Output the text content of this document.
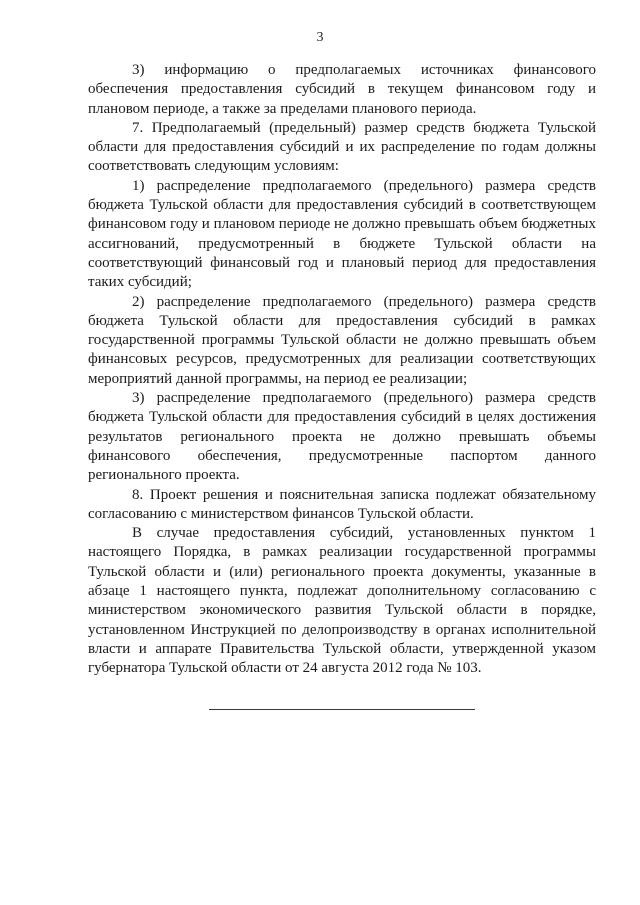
3

3) информацию о предполагаемых источниках финансового обеспечения предоставления субсидий в текущем финансовом году и плановом периоде, а также за пределами планового периода.

7. Предполагаемый (предельный) размер средств бюджета Тульской области для предоставления субсидий и их распределение по годам должны соответствовать следующим условиям:

1) распределение предполагаемого (предельного) размера средств бюджета Тульской области для предоставления субсидий в соответствующем финансовом году и плановом периоде не должно превышать объем бюджетных ассигнований, предусмотренный в бюджете Тульской области на соответствующий финансовый год и плановый период для предоставления таких субсидий;

2) распределение предполагаемого (предельного) размера средств бюджета Тульской области для предоставления субсидий в рамках государственной программы Тульской области не должно превышать объем финансовых ресурсов, предусмотренных для реализации соответствующих мероприятий данной программы, на период ее реализации;

3) распределение предполагаемого (предельного) размера средств бюджета Тульской области для предоставления субсидий в целях достижения результатов регионального проекта не должно превышать объемы финансового обеспечения, предусмотренные паспортом данного регионального проекта.

8. Проект решения и пояснительная записка подлежат обязательному согласованию с министерством финансов Тульской области.

В случае предоставления субсидий, установленных пунктом 1 настоящего Порядка, в рамках реализации государственной программы Тульской области и (или) регионального проекта документы, указанные в абзаце 1 настоящего пункта, подлежат дополнительному согласованию с министерством экономического развития Тульской области в порядке, установленном Инструкцией по делопроизводству в органах исполнительной власти и аппарате Правительства Тульской области, утвержденной указом губернатора Тульской области от 24 августа 2012 года № 103.
